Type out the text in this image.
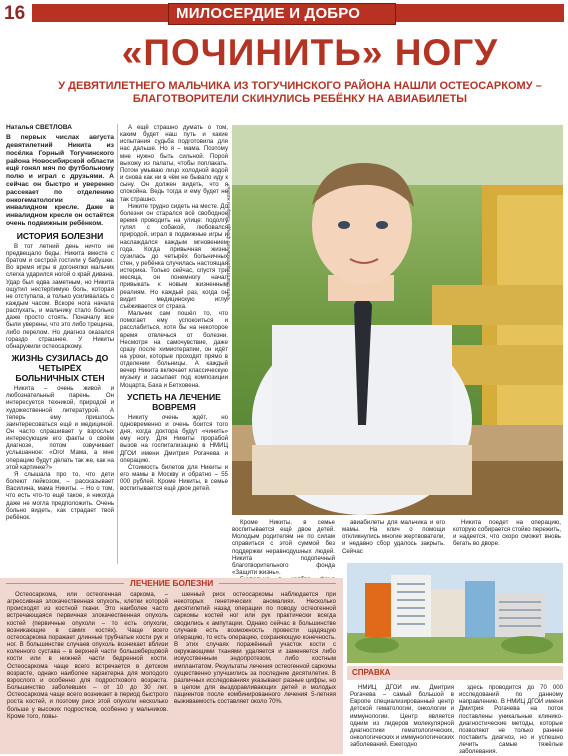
16	МИЛОСЕРДИЕ И ДОБРО
«ПОЧИНИТЬ» НОГУ
У ДЕВЯТИЛЕТНЕГО МАЛЬЧИКА ИЗ ТОГУЧИНСКОГО РАЙОНА НАШЛИ ОСТЕОСАРКОМУ – БЛАГОТВОРИТЕЛИ СКИНУЛИСЬ РЕБЁНКУ НА АВИАБИЛЕТЫ

Наталья СВЕТЛОВА

В первых числах августа девятилетний Никита из посёлка Горный Тогучинского района Новосибирской области ещё гонял мяч по футбольному полю и играл с друзьями. А сейчас он быстро и уверенно рассекает по отделению онкогематологии на инвалидном кресле. Даже в инвалидном кресле он остаётся очень подвижным ребёнком.

ИСТОРИЯ БОЛЕЗНИ

В тот летний день ничто не предвещало беды. Никита вместе с братом и сестрой гостили у бабушки. Во время игры в догонялки мальчик слегка ударился ногой о край дивана. Удар был едва заметным, но Никита ощутил нестерпимую боль, которая не отступала, а только усиливалась с каждым часом. Вскоре нога начала распухать, и мальчику стало больно даже просто стоять. Поначалу все были уверены, что это либо трещина, либо перелом. Но диагноз оказался гораздо страшнее. У Никиты обнаружили остеосаркому.

ЖИЗНЬ СУЗИЛАСЬ ДО ЧЕТЫРЁХ БОЛЬНИЧНЫХ СТЕН

Никита – очень живой и любознательный парень. Он интересуется техникой, природой и художественной литературой. А теперь ему пришлось заинтересоваться ещё и медициной. Он часто спрашивает у взрослых интересующие его факты о своём диагнозе, потом озвучивает услышанное: «Ого! Мама, а мне операцию будут делать так же, как на этой картинке?»

Я слышала про то, что дети болеют лейкозом, – рассказывает Василина, мама Никиты. – Но о том, что есть что-то ещё такое, я никогда даже не могла предположить. Очень больно видеть, как страдает твой ребёнок.

А ещё страшно думать о том, каким будет наш путь и какие испытания судьба подготовила для нас дальше. Но я – мама. Поэтому мне нужно быть сильной. Порой выхожу из палаты, чтобы поплакать. Потом умываю лицо холодной водой и снова как ни в чём не бывало иду к сыну. Он должен видеть, что я спокойна. Ведь тогда и ему будет не так страшно.

Никите трудно сидеть на месте. До болезни он старался всё свободное время проводить на улице: подолгу гулял с собакой, любовался природой, играл в подвижные игры и наслаждался каждым мгновением года. Когда привычная жизнь сузилась до четырёх больничных стен, у ребёнка случилась настоящая истерика. Только сейчас, спустя три месяца, он понемногу начал привыкать к новым жизненным реалиям. Но каждый раз, когда он видит медицинскую иглу, съёживается от страха.

Мальчик сам пошёл то, что помогает ему успокоиться и расслабиться, хотя бы на некоторое время отвлечься от болезни. Несмотря на самочувствие, даже сразу после химиотерапии, он идёт на уроки, которые проходят прямо в отделении больницы. А каждый вечер Никита включает классическую музыку и засыпает под композиции Моцарта, Баха и Бетховена.

УСПЕТЬ НА ЛЕЧЕНИЕ ВОВРЕМЯ

Никиту очень ждёт, но одновременно и очень боится того дня, когда доктора будут «чинить» ему ногу. Для Никиты прорабой вызов на госпитализацию в НМИЦ ДГОИ имени Дмитрия Рогачева и операцию.

Стоимость билетов для Никиты и его мамы в Москву и обратно – 55 000 рублей. Кроме Никиты, в семье воспитывается ещё двое детей.

Фото благотворительного фонда «Защити жизнь»

Кроме Никиты, в семье воспитывается ещё двое детей. Молодым родителям не по силам справиться с этой суммой без поддержки неравнодушных людей. Никита подопечный благотворительного фонда «Защити жизнь».

авиабилеты для мальчика и его мамы. На клич о помощи откликнулись многие жертвователи, и недавно сбор удалось закрыть. Сейчас

Никита поедет на операцию, которую собирается стойко пережить, и надеется, что скоро сможет вновь бегать во дворе.

ЛЕЧЕНИЕ БОЛЕЗНИ

Остеосаркома, или остеогенная саркома, – агрессивная злокачественная опухоль, клетки которой происходят из костной ткани. Это наиболее часто встречающаяся первичная злокачественная опухоль костей (первичные опухоли – то есть опухоли, возникающие в самих костях). Чаще всего остеосаркома поражает длинные трубчатые кости рук и ног. В большинстве случаев опухоль возникает вблизи коленного сустава – в верхней части большеберцовой кости или в нижней части бедренной кости. Остеосаркома чаще всего встречается в детском возрасте, однако наиболее характерна для молодого взрослого и особенно для подросткового возраста. Большинство заболевших – от 10 до 30 лет. Остеосаркома чаще всего возникает в период быстрого роста костей, и поэтому риск этой опухоли несколько больше у высоких подростков, особенно у мальчиков. Кроме того, повы-

шенный риск остеосаркомы наблюдается при некоторых генетических аномалиях. Несколько десятилетий назад операции по поводу остеогенной саркомы костей ног или рук практически всегда сводились к ампутации. Однако сейчас в большинстве случаев есть возможность провести щадящую операцию, то есть операцию, сохраняющую конечность. В этих случаях поражённый участок кости с окружающими тканями удаляется и заменяется либо искусственным эндопротезом, либо костным имплантатом. Результаты лечения остеогенной саркомы существенно улучшились за последние десятилетия. В различных исследованиях указывают разные цифры, но в целом для выздоравливающих детей и молодых пациентов после комбинированного лечения 5-летняя выживаемость составляет около 70%.

СПРАВКА

НМИЦ ДГОИ им. Дмитрия Рогачева – самый большой в Европе специализированный центр детской гематологии, онкологии и иммунологии. Центр является одним из лидеров молекулярной диагностики гематологических, онкологических и иммунологических заболеваний. Ежегодно

здесь проводится до 70 000 исследований по данному направлению. В НМИЦ ДГОИ имени Дмитрия Рогачева на поток поставлены уникальные клинико-диагностические методы, которые позволяют не только раннее поставить диагноз, но и успешно лечить самые тяжёлые заболевания.
